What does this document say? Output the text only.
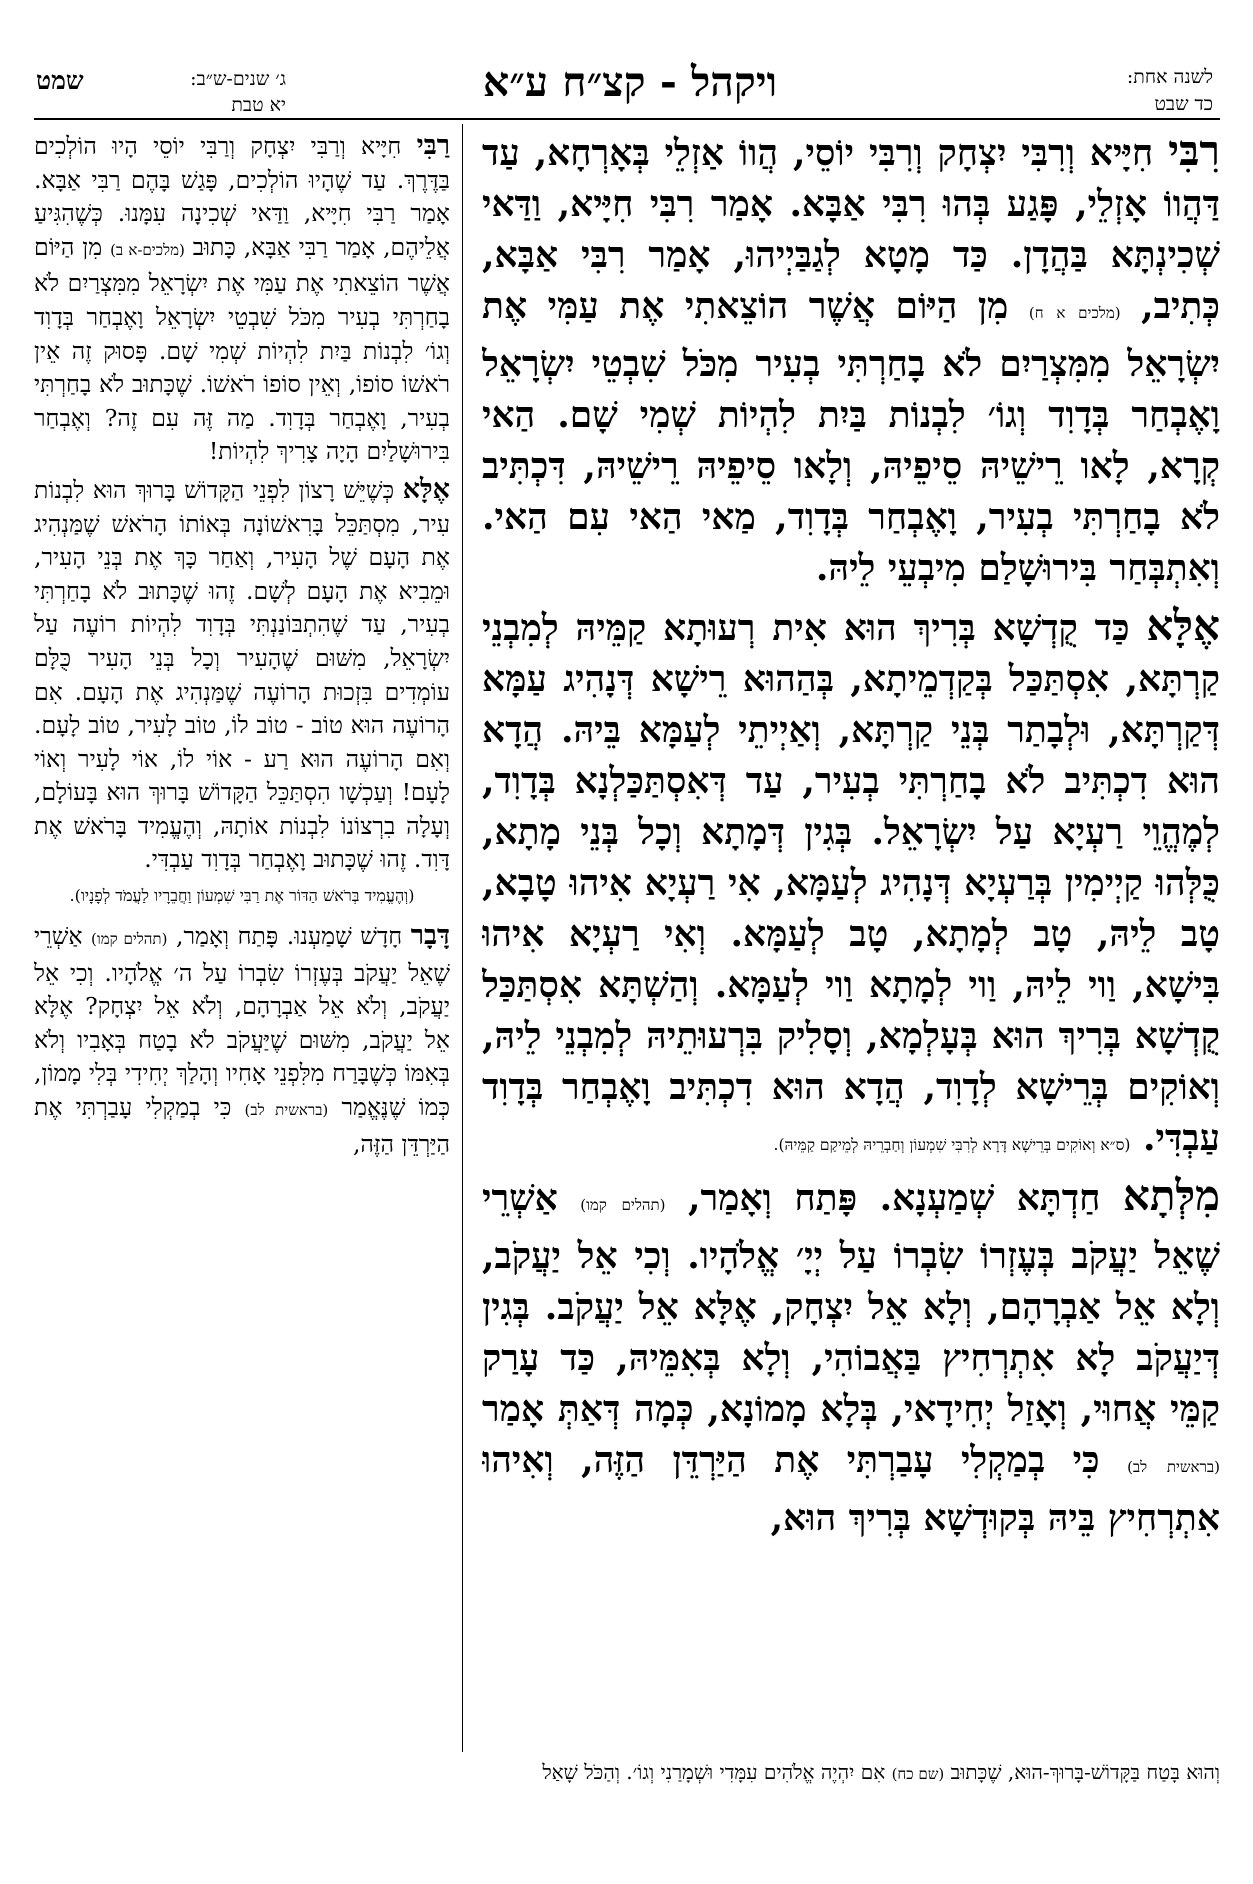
שמט	ג׳ שנים-ש״ב:
יא טבת	ויקהל - קצ״ח ע״א	לשנה אחת:
כד שבט

רִבִּי חִיָּיא וְרִבִּי יִצְחָק וְרִבִּי יוֹסֵי, הֲווֹ אַזְלֵי בְּאָרְחָא, עַד דַּהֲווֹ אָזְלֵי, פָּגַע בְּהוּ רִבִּי אַבָּא. אָמַר רִבִּי חִיָּיא, וַדַּאי שְׁכִינְתָּא בַּהֲדָן. כַּד מָטָא לְגַבַּיְיהוּ, אָמַר רִבִּי אַבָּא, כְּתִיב, (מלכים א ח) מִן הַיּוֹם אֲשֶׁר הוֹצֵאתִי אֶת עַמִּי אֶת יִשְׂרָאֵל מִמִּצְרַיִם לֹא בָחַרְתִּי בְעִיר מִכֹּל שִׁבְטֵי יִשְׂרָאֵל וָאֶבְחַר בְּדָוִד וְגוֹ׳ לִבְנוֹת בַּיִת לִהְיוֹת שְׁמִי שָׁם. הַאי קְרָא, לָאו רֵישֵׁיהּ סֵיפֵיהּ, וְלָאו סֵיפֵיהּ רֵישֵׁיהּ, דִּכְתִּיב לֹא בָחַרְתִּי בְעִיר, וָאֶבְחַר בְּדָוִד, מַאי הַאי עִם הַאי. וְאִתְבְּחַר בִּירוּשָׁלַם מִיבְעֵי לֵיהּ.

אֶלָּא כַּד קֻדְשָׁא בְּרִיךְ הוּא אִית רְעוּתָא קַמֵּיהּ לְמִבְנֵי קַרְתָּא, אִסְתַּכַּל בְּקַדְמֵיתָא, בְּהַהוּא רֵישָׁא דְּנָהִיג עַמָּא דְּקַרְתָּא, וּלְבָתַר בְּנֵי קַרְתָּא, וְאַיְיתֵי לְעַמָּא בֵּיהּ. הֲדָא הוּא דִכְתִּיב לֹא בָחַרְתִּי בְעִיר, עַד דְּאִסְתַּכַּלְנָא בְּדָוִד, לְמֶהֱוֵי רַעְיָא עַל יִשְׂרָאֵל. בְּגִין דְּמָתָא וְכָל בְּנֵי מָתָא, כֻּלְּהוּ קַיְימִין בְּרַעְיָא דְּנָהִיג לְעַמָּא, אִי רַעְיָא אִיהוּ טָבָא, טָב לֵיהּ, טָב לְמָתָא, טָב לְעַמָּא. וְאִי רַעְיָא אִיהוּ בִּישָׁא, וַוי לֵיהּ, וַוי לְמָתָא וַוי לְעַמָּא. וְהַשְׁתָּא אִסְתַּכַּל קֻדְשָׁא בְּרִיךְ הוּא בְּעָלְמָא, וְסָלִיק בִּרְעוּתֵיהּ לְמִבְנֵי לֵיהּ, וְאוֹקִים בְּרֵישָׁא לְדָוִד, הֲדָא הוּא דִכְתִּיב וָאֶבְחַר בְּדָוִד עַבְדִּי. (ס״א וְאוֹקִים בְּרֵישָׁא דָּרָא לְרִבִּי שִׁמְעוֹן וְחַבְרֵיהּ לְמֵיקַם קַמֵּיהּ).

מִלְּתָא חַדְתָּא שְׁמַעְנָא. פָּתַח וְאָמַר, (תהלים קמו) אַשְׁרֵי שֶׁאֵל יַעֲקֹב בְּעֶזְרוֹ שִׂבְרוֹ עַל יְיָ׳ אֱלֹהָיו. וְכִי אֵל יַעֲקֹב, וְלָא אֵל אַבְרָהָם, וְלָא אֵל יִצְחָק, אֶלָּא אֵל יַעֲקֹב. בְּגִין דְּיַעֲקֹב לָא אִתְרְחִיץ בַּאֲבוֹהִי, וְלָא בְּאִמֵּיהּ, כַּד עָרַק קַמֵּי אֲחוּי, וְאָזַל יְחִידָאי, בְּלָא מָמוֹנָא, כְּמָה דְּאַתְּ אָמַר (בראשית לב) כִּי בְמַקְלִי עָבַרְתִּי אֶת הַיַּרְדֵּן הַזֶּה, וְאִיהוּ אִתְרְחִיץ בֵּיהּ בְּקוּדְשָׁא בְּרִיךְ הוּא,

רַבִּי חִיָּיא וְרַבִּי יִצְחָק וְרַבִּי יוֹסֵי הָיוּ הוֹלְכִים בַּדֶּרֶךְ. עַד שֶׁהָיוּ הוֹלְכִים, פָּגַשׁ בָּהֶם רַבִּי אַבָּא. אָמַר רַבִּי חִיָּיא, וַדַּאי שְׁכִינָה עִמָּנוּ. כְּשֶׁהִגִּיעַ אֲלֵיהֶם, אָמַר רַבִּי אַבָּא, כָּתוּב (מלכים-א ב) מִן הַיּוֹם אֲשֶׁר הוֹצֵאתִי אֶת עַמִּי אֶת יִשְׂרָאֵל מִמִּצְרַיִם לֹא בָחַרְתִּי בְעִיר מִכֹּל שִׁבְטֵי יִשְׂרָאֵל וָאֶבְחַר בְּדָוִד וְגוֹ׳ לִבְנוֹת בַּיִת לִהְיוֹת שְׁמִי שָׁם. פָּסוּק זֶה אֵין רֹאשׁוֹ סוֹפוֹ, וְאֵין סוֹפוֹ רֹאשׁוֹ. שֶׁכָּתוּב לֹא בָחַרְתִּי בְעִיר, וָאֶבְחַר בְּדָוִד. מַה זֶּה עִם זֶה? וְאֶבְחַר בִּירוּשָׁלַיִם הָיָה צָרִיךְ לִהְיוֹת!

אֶלָּא כְּשֶׁיֵּשׁ רָצוֹן לִפְנֵי הַקָּדוֹשׁ בָּרוּךְ הוּא לִבְנוֹת עִיר, מִסְתַּכֵּל בָּרִאשׁוֹנָה בְּאוֹתוֹ הָרֹאשׁ שֶׁמַּנְהִיג אֶת הָעָם שֶׁל הָעִיר, וְאַחַר כָּךְ אֶת בְּנֵי הָעִיר, וּמֵבִיא אֶת הָעָם לְשָׁם. זֶהוּ שֶׁכָּתוּב לֹא בָחַרְתִּי בְעִיר, עַד שֶׁהִתְבּוֹנַנְתִּי בְּדָוִד לִהְיוֹת רוֹעֶה עַל יִשְׂרָאֵל, מִשּׁוּם שֶׁהָעִיר וְכָל בְּנֵי הָעִיר כֻּלָּם עוֹמְדִים בִּזְכוּת הָרוֹעֶה שֶׁמַּנְהִיג אֶת הָעָם. אִם הָרוֹעֶה הוּא טוֹב - טוֹב לוֹ, טוֹב לָעִיר, טוֹב לָעָם. וְאִם הָרוֹעֶה הוּא רַע - אוֹי לוֹ, אוֹי לָעִיר וְאוֹי לָעָם! וְעַכְשָׁו הִסְתַּכֵּל הַקָּדוֹשׁ בָּרוּךְ הוּא בָּעוֹלָם, וְעָלָה בִרְצוֹנוֹ לִבְנוֹת אוֹתָהּ, וְהֶעֱמִיד בָּרֹאשׁ אֶת דָּוִד. זֶהוּ שֶׁכָּתוּב וָאֶבְחַר בְּדָוִד עַבְדִּי.

(וְהֶעֱמִיד בְּרֹאשׁ הַדּוֹר אֶת רַבִּי שִׁמְעוֹן וַחֲבֵרָיו לַעֲמֹד לְפָנָיו).

דָּבָר חָדָשׁ שָׁמַעְנוּ. פָּתַח וְאָמַר, (תהלים קמו) אַשְׁרֵי שֶׁאֵל יַעֲקֹב בְּעֶזְרוֹ שִׂבְרוֹ עַל ה׳ אֱלֹהָיו. וְכִי אֵל יַעֲקֹב, וְלֹא אֵל אַבְרָהָם, וְלֹא אֵל יִצְחָק? אֶלָּא אֵל יַעֲקֹב, מִשּׁוּם שֶׁיַּעֲקֹב לֹא בָטַח בְּאָבִיו וְלֹא בְּאִמּוֹ כְּשֶׁבָּרַח מִלִּפְנֵי אָחִיו וְהָלַךְ יְחִידִי בְּלִי מָמוֹן, כְּמוֹ שֶׁנֶּאֱמַר (בראשית לב) כִּי בְמַקְלִי עָבַרְתִּי אֶת הַיַּרְדֵּן הַזֶּה,

וְהוּא בָּטַח בַּקָּדוֹשׁ-בָּרוּךְ-הוּא, שֶׁכָּתוּב (שם כח) אִם יִהְיֶה אֱלֹהִים עִמָּדִי וּשְׁמָרַנִי וְגוֹ׳. וְהַכֹּל שָׁאַל
